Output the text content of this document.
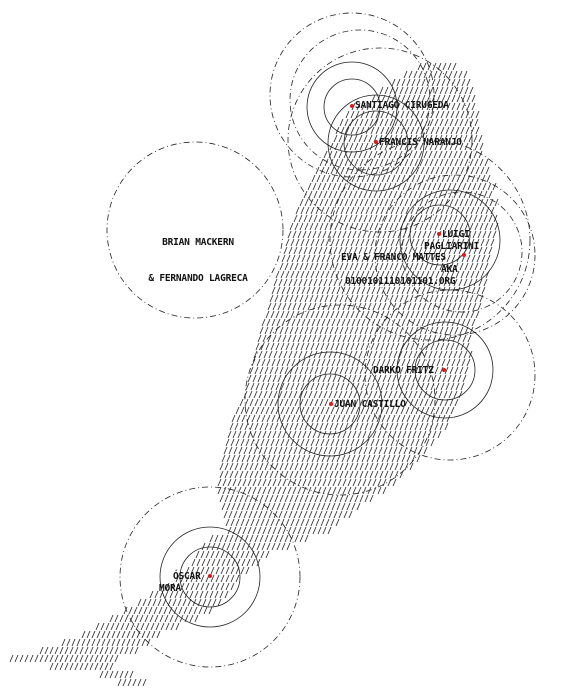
SANTIAGO CIRUGEDA
FRANCIS NARANJO

BRIAN MACKERN

& FERNANDO LAGRECA

LUIGI
PAGLIARINI
EVA & FRANCO MATTES
AKA
0100101110101101.ORG
DARKO FRITZ
JUAN CASTILLO
ÓSCAR
MORA
